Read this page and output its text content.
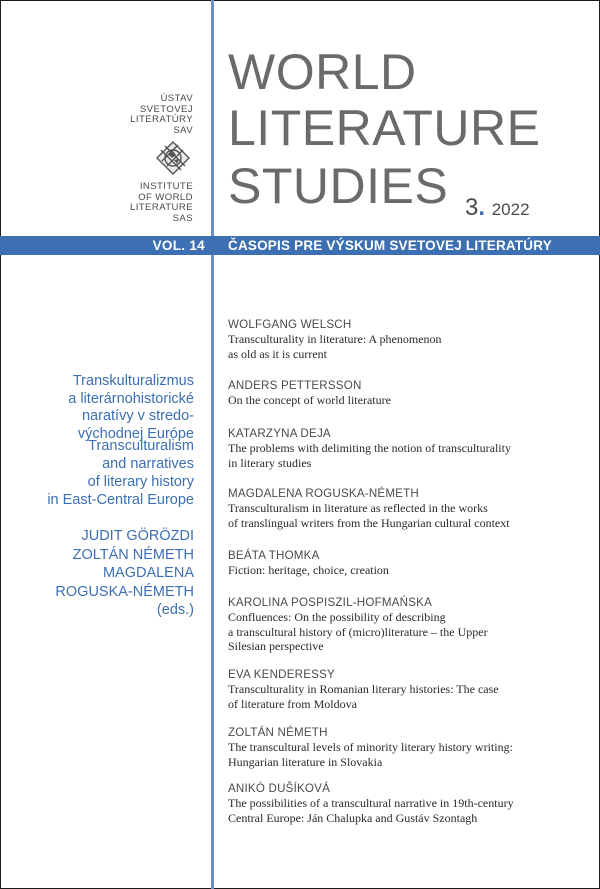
ÚSTAV
SVETOVEJ
LITERATÚRY
SAV
INSTITUTE
OF WORLD
LITERATURE
SAS
WORLD
LITERATURE
STUDIES 3. 2022
VOL. 14 ČASOPIS PRE VÝSKUM SVETOVEJ LITERATÚRY
Transkulturalizmus
a literárnohistorické
naratívy v stredo-
východnej Európe
Transculturalism
and narratives
of literary history
in East-Central Europe
JUDIT GÖRÖZDI
ZOLTÁN NÉMETH
MAGDALENA
ROGUSKA-NÉMETH
(eds.)
WOLFGANG WELSCH
Transculturality in literature: A phenomenon
as old as it is current
ANDERS PETTERSSON
On the concept of world literature
KATARZYNA DEJA
The problems with delimiting the notion of transculturality
in literary studies
MAGDALENA ROGUSKA-NÉMETH
Transculturalism in literature as reflected in the works
of translingual writers from the Hungarian cultural context
BEÁTA THOMKA
Fiction: heritage, choice, creation
KAROLINA POSPISZIL-HOFMAŃSKA
Confluences: On the possibility of describing
a transcultural history of (micro)literature – the Upper
Silesian perspective
EVA KENDERESSY
Transculturality in Romanian literary histories: The case
of literature from Moldova
ZOLTÁN NÉMETH
The transcultural levels of minority literary history writing:
Hungarian literature in Slovakia
ANIKÓ DUŠÍKOVÁ
The possibilities of a transcultural narrative in 19th-century
Central Europe: Ján Chalupka and Gustáv Szontagh
